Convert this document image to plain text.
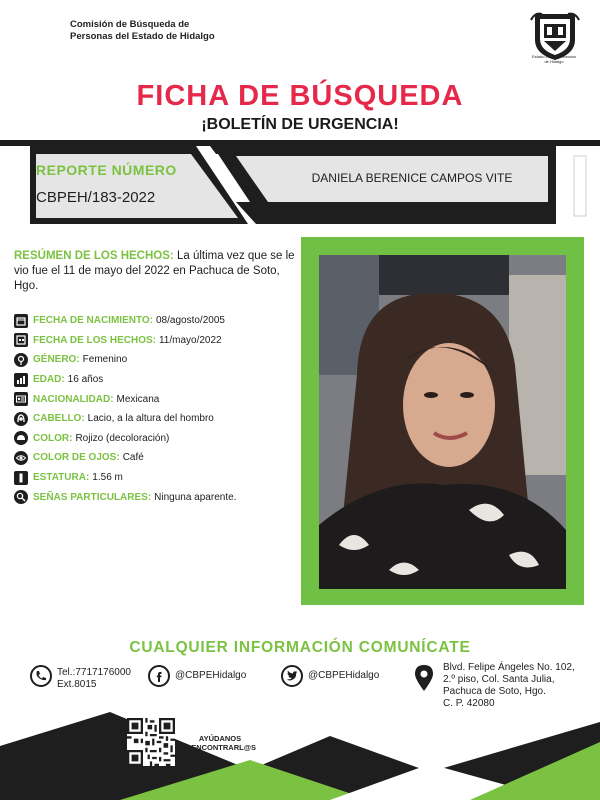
Comisión de Búsqueda de
Personas del Estado de Hidalgo
Estado Libre y Soberano
de Hidalgo
FICHA DE BÚSQUEDA
¡BOLETÍN DE URGENCIA!
REPORTE NÚMERO
CBPEH/183-2022
DANIELA BERENICE CAMPOS VITE
RESÚMEN DE LOS HECHOS: La última vez que se le vio fue el 11 de mayo del 2022 en Pachuca de Soto, Hgo.
FECHA DE NACIMIENTO: 08/agosto/2005
FECHA DE LOS HECHOS: 11/mayo/2022
GÉNERO: Femenino
EDAD: 16 años
NACIONALIDAD: Mexicana
CABELLO: Lacio, a la altura del hombro
COLOR: Rojizo (decoloración)
COLOR DE OJOS: Café
ESTATURA: 1.56 m
SEÑAS PARTICULARES: Ninguna aparente.
CUALQUIER INFORMACIÓN COMUNÍCATE
Tel.:7717176000
Ext.8015
@CBPEHidalgo	@CBPEHidalgo
Blvd. Felipe Ángeles No. 102,
2.º piso, Col. Santa Julia,
Pachuca de Soto, Hgo.
C. P. 42080
AYÚDANOS
A ENCONTRARL@S
